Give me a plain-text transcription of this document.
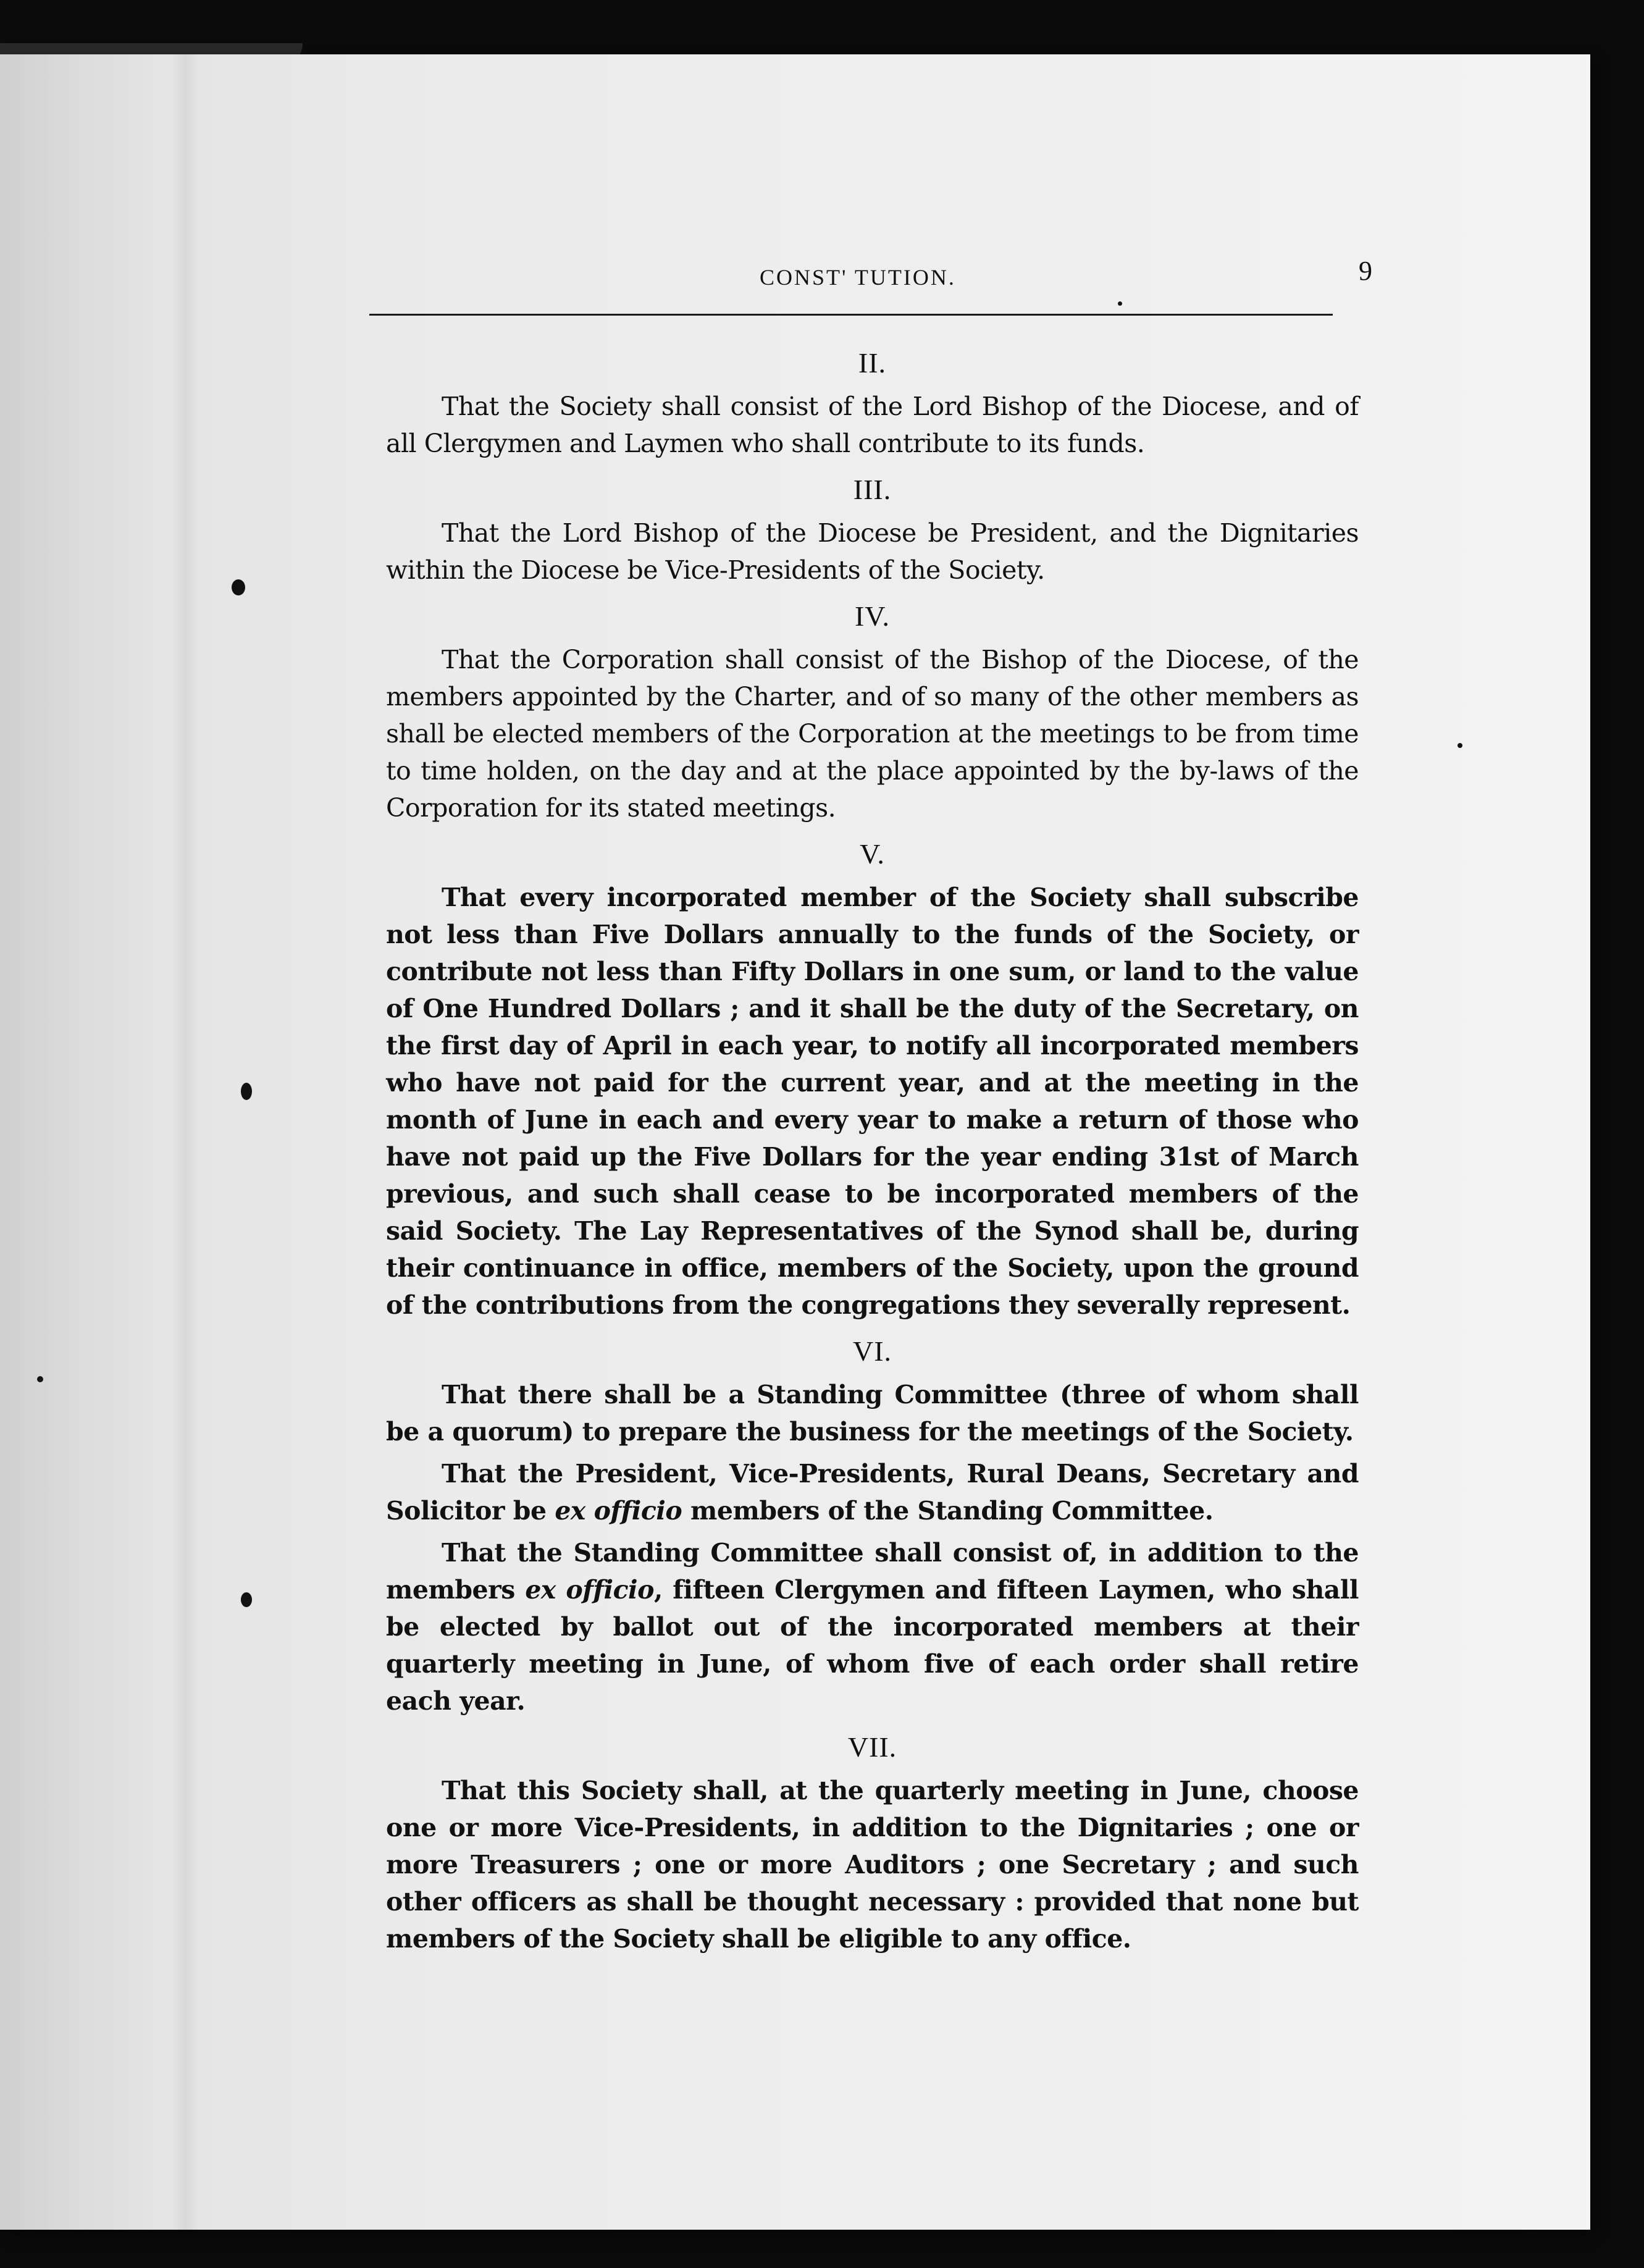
CONST' TUTION.	9
II.

That the Society shall consist of the Lord Bishop of the Diocese, and of all Clergymen and Laymen who shall contribute to its funds.

III.

That the Lord Bishop of the Diocese be President, and the Dignitaries within the Diocese be Vice-Presidents of the Society.

IV.

That the Corporation shall consist of the Bishop of the Diocese, of the members appointed by the Charter, and of so many of the other members as shall be elected members of the Corporation at the meetings to be from time to time holden, on the day and at the place appointed by the by-laws of the Corporation for its stated meetings.

V.

That every incorporated member of the Society shall subscribe not less than Five Dollars annually to the funds of the Society, or contribute not less than Fifty Dollars in one sum, or land to the value of One Hundred Dollars ; and it shall be the duty of the Secretary, on the first day of April in each year, to notify all incorporated members who have not paid for the current year, and at the meeting in the month of June in each and every year to make a return of those who have not paid up the Five Dollars for the year ending 31st of March previous, and such shall cease to be incorporated members of the said Society. The Lay Representatives of the Synod shall be, during their continuance in office, members of the Society, upon the ground of the contributions from the congregations they severally represent.

VI.

That there shall be a Standing Committee (three of whom shall be a quorum) to prepare the business for the meetings of the Society.

That the President, Vice-Presidents, Rural Deans, Secretary and Solicitor be ex officio members of the Standing Committee.

That the Standing Committee shall consist of, in addition to the members ex officio, fifteen Clergymen and fifteen Laymen, who shall be elected by ballot out of the incorporated members at their quarterly meeting in June, of whom five of each order shall retire each year.

VII.

That this Society shall, at the quarterly meeting in June, choose one or more Vice-Presidents, in addition to the Dignitaries ; one or more Treasurers ; one or more Auditors ; one Secretary ; and such other officers as shall be thought necessary : provided that none but members of the Society shall be eligible to any office.
